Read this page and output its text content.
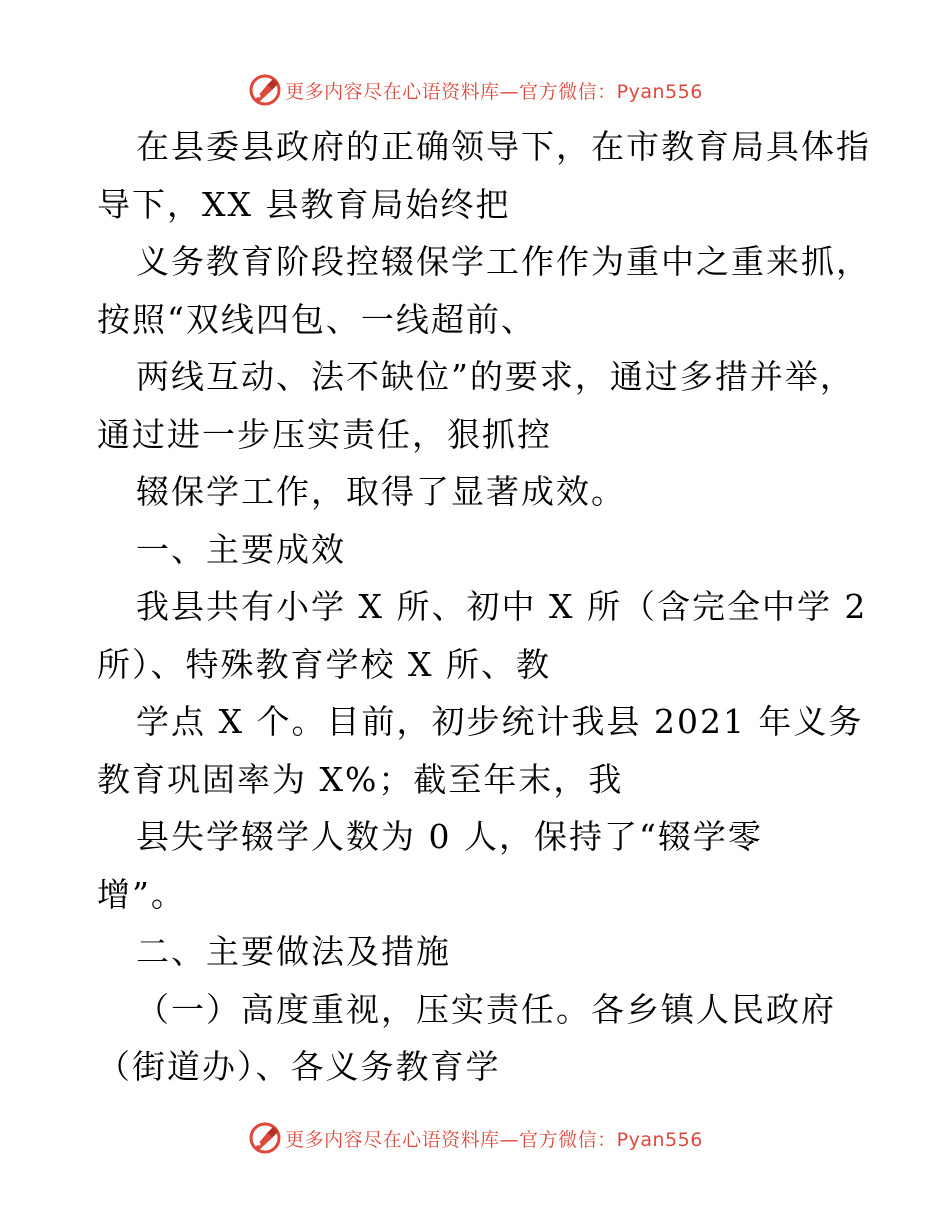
更多内容尽在心语资料库—官方微信：Pyan556

在县委县政府的正确领导下，在市教育局具体指

导下，XX 县教育局始终把

义务教育阶段控辍保学工作作为重中之重来抓，

按照“双线四包、一线超前、

两线互动、法不缺位”的要求，通过多措并举，

通过进一步压实责任，狠抓控

辍保学工作，取得了显著成效。

一、主要成效

我县共有小学 X 所、初中 X 所（含完全中学 2

所）、特殊教育学校 X 所、教

学点 X 个。目前，初步统计我县 2021 年义务

教育巩固率为 X%；截至年末，我

县失学辍学人数为 0 人，保持了“辍学零

增”。

二、主要做法及措施

（一）高度重视，压实责任。各乡镇人民政府

（街道办）、各义务教育学

更多内容尽在心语资料库—官方微信：Pyan556
